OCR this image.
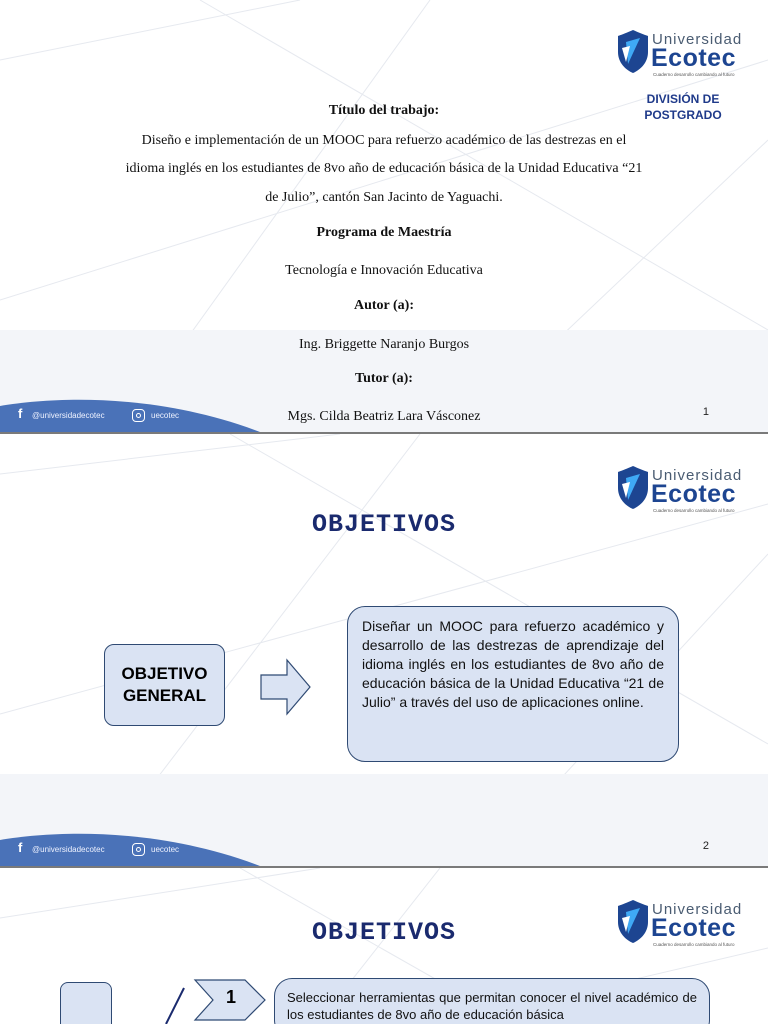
Universidad
Ecotec
Cuaderno desarrollo cambiando al futuro
DIVISIÓN DE
POSTGRADO
Título del trabajo:
Diseño e implementación de un MOOC para refuerzo académico de las destrezas en el
idioma inglés en los estudiantes de 8vo año de educación básica de la Unidad Educativa “21
de Julio”, cantón San Jacinto de Yaguachi.
Programa de Maestría
Tecnología e Innovación Educativa
Autor (a):
Ing. Briggette Naranjo Burgos
Tutor (a):
f @universidadecotec	uecotec	Mgs. Cilda Beatriz Lara Vásconez	1
Universidad
Ecotec
Cuaderno desarrollo cambiando al futuro
OBJETIVOS
OBJETIVO GENERAL
Diseñar un MOOC para refuerzo académico y desarrollo de las destrezas de aprendizaje del idioma inglés en los estudiantes de 8vo año de educación básica de la Unidad Educativa “21 de Julio” a través del uso de aplicaciones online.
f @universidadecotec	uecotec	2
Universidad
Ecotec
Cuaderno desarrollo cambiando al futuro
OBJETIVOS
1	Seleccionar herramientas que permitan conocer el nivel académico de los estudiantes de 8vo año de educación básica
